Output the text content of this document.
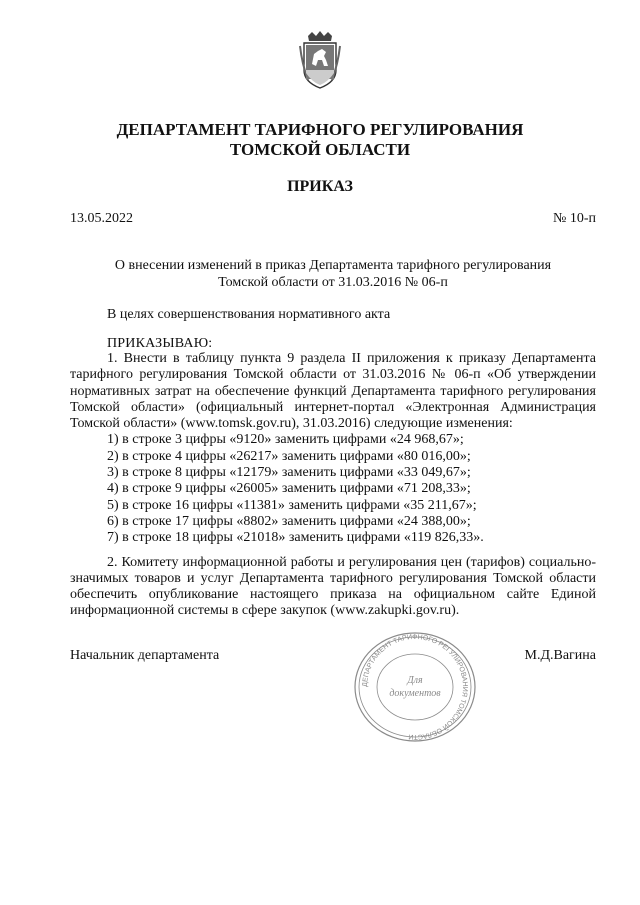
ДЕПАРТАМЕНТ ТАРИФНОГО РЕГУЛИРОВАНИЯ
ТОМСКОЙ ОБЛАСТИ
ПРИКАЗ
13.05.2022	№ 10-п
О внесении изменений в приказ Департамента тарифного регулирования
Томской области от 31.03.2016 № 06-п
В целях совершенствования нормативного акта
ПРИКАЗЫВАЮ:

1. Внести в таблицу пункта 9 раздела II приложения к приказу Департамента тарифного регулирования Томской области от 31.03.2016 № 06-п «Об утверждении нормативных затрат на обеспечение функций Департамента тарифного регулирования Томской области» (официальный интернет-портал «Электронная Администрация Томской области» (www.tomsk.gov.ru), 31.03.2016) следующие изменения:

1) в строке 3 цифры «9120» заменить цифрами «24 968,67»;
2) в строке 4 цифры «26217» заменить цифрами «80 016,00»;
3) в строке 8 цифры «12179» заменить цифрами «33 049,67»;
4) в строке 9 цифры «26005» заменить цифрами «71 208,33»;
5) в строке 16 цифры «11381» заменить цифрами «35 211,67»;
6) в строке 17 цифры «8802» заменить цифрами «24 388,00»;
7) в строке 18 цифры «21018» заменить цифрами «119 826,33».

2. Комитету информационной работы и регулирования цен (тарифов) социально-значимых товаров и услуг Департамента тарифного регулирования Томской области обеспечить опубликование настоящего приказа на официальном сайте Единой информационной системы в сфере закупок (www.zakupki.gov.ru).

Начальник департамента	М.Д.Вагина
ДЕПАРТАМЕНТ ТАРИФНОГО РЕГУЛИРОВАНИЯ ТОМСКОЙ ОБЛАСТИ
Для
документов
